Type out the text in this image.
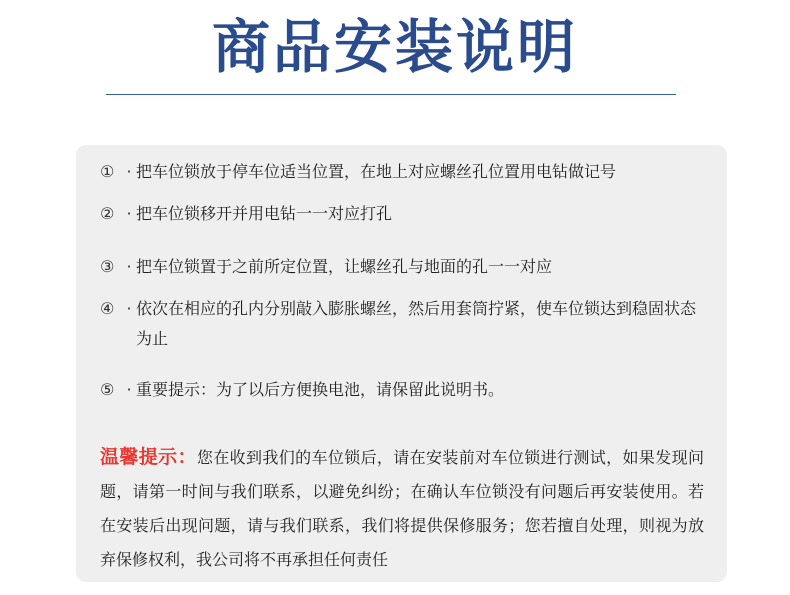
商品安装说明
① · 把车位锁放于停车位适当位置，在地上对应螺丝孔位置用电钻做记号
② · 把车位锁移开并用电钻一一对应打孔
③ · 把车位锁置于之前所定位置，让螺丝孔与地面的孔一一对应
④ · 依次在相应的孔内分别敲入膨胀螺丝，然后用套筒拧紧，使车位锁达到稳固状态为止
⑤ · 重要提示：为了以后方便换电池，请保留此说明书。
温馨提示：您在收到我们的车位锁后，请在安装前对车位锁进行测试，如果发现问题，请第一时间与我们联系，以避免纠纷；在确认车位锁没有问题后再安装使用。若在安装后出现问题，请与我们联系，我们将提供保修服务；您若擅自处理，则视为放弃保修权利，我公司将不再承担任何责任
